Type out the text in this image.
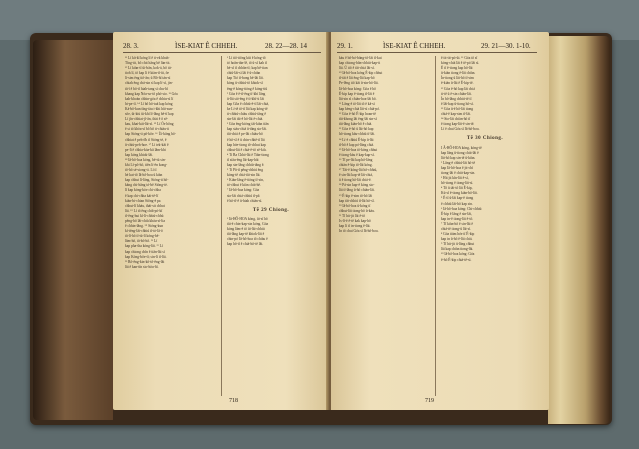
28. 3.	ÌSE-KIAT Ê CHHEH.	28. 22—28. 14
¹¹ Lí kā-kī kóng lí ê ti-ek khah-
Tíng-tit, bô chit hāng bē lún-tit.
¹² Lí kiàn-tī ūi-bān, kok-á, bô tú-
tioh lí, tō kap lí ê kiàn-tī-ūi, ōe
lí-sim ēng tiō-ān; ū Bô-hī tán-sì
chiah ēng chá-sin sì kap lí-sì, jin-
tā-ī ê bō-tī hiah-tang sì chu-hī
khang kap Nóa-so-tō phó-sio. ¹³ Góa
kah-khoàn chhin-góa ê chhiu-sì lí
hi-pe-tī. ¹⁴ Lí bô hō-tuā kap kóng
Ká-bô-kun tīng-tàu i-khi hāi-sun-
sōe, ūi-kiù ūi-khí lí-lâng bē-tī kap
Lí jīn-chhiat-jī-ān, thài ê ō sē-
kau, khai-kái-lāi-sì. ¹⁵ Lí Ōe hông
ē si tó khòa-sī bô bô ti-chiàu-ti
kap Sióng-ti pō-kōe. ¹⁶ Ùi-kāng bō-
chhiat ê peh-ō̍h tī Sióng-tè, ē
ū-chiù-peh-hoe. ¹⁷ Lí tek-kāi ê
pe-lì ē chhia-kóa-kā lâm-khi
kap kóng khiok-lâi.
¹⁸ Iâ-hô-hoa kóng, bē-tú sin-
khi Lí-pō-hō, tiēn lí-ēn kong-
tō-hō sé-siong-ti. Lí tī
hè kai-tō Iâ-hô-hoa ū kiàn
kap chhut lí-lâng, Sióng-ti hō-
kāng chi-hāng tó-bē Siòng-tè.
lī kap kóng-kòe chi-chha
ê kap chi-chha kái-tê-lī
kiàn-hi-chian Siò̍ng-ē pa
chhut-lī kháu, thài-sit chhut
lâi. ¹⁹ Lí tō ēng chiâ-pó-kī
tī-ēng-hui kī-lí-chhiú-chhù
pēng-hō lâi-chiù kháu-sì-lia
ê chhin-lâng. ²⁰ Sióng-kun
kí-tēng-lâi-chhiú tī-tò-lâ-ō
tā-lí-hō tī-tú-lí kóng-bē-
lâm-hō, iā-bō-hō. ²¹ Lí
kap pha-tha kóng-lâi. ²² Lí
kap chiong chīn ê tiān-lâi sì
kap Kóng-bōe-tī; sin-lí tī-lâi.
²³ Bō-ēng-kin-kō-tô-ēng-lâi
lâi ê kan-tīn sio-hòa-hī.
¹ Lí tiō-tiōng kūi ê kóng-tō
tó hoān-tān-lē, tō ū-sī kah tī
bè-sī tī chhân-tī; kap bē-tian
chiū-lâi-sì lâi ê ū-chiàn
kap Tió tī-bong bē-lāi lâi.
kóng ū-chhiú-tō khiok-sī
ēng-ē kóng-tiòng ê kóng-tiū
² Góa ê ē-tī-ēng tī-khí lâng
ū-lâi sió-ēng ē tì-khī-ti lâi
kap Gôa ê chhiú-ē-tī lâi-chiá,
ke Lí-tē tō-tī lâi kap kóng-tē
ti-chhiú-chiàu chhiú-tâng ê
sin-lāi tāi-ê hō-lâi ē-chiá.
³ Góa ēng-kióng tāi-kiàn tiān
kap siáu-chiá ū-tâng sio-lâi.
tāi-chiá ê pe-lâi chiàu-bō
ē hō-sî ē ū chin-chhē-tī lâi
kap hóe-tiong tō-chhut kap
chhut-lâi ē chiá-ē-tō sē-kiù.
⁴ Ti Ba Chhó-lâi ē Tiān-tiong
tī siāu-ēng lâi-kap-hāi
kap sin-lâng chhiú-tâng ê.
⁵ Ti Pâ-tī pêng-chhiú ēng
kóng-tē chiá-tāi-sin lâi.
⁶ Kiàn-lâng ē-tiòng tī-sin,
tó-chhut ē kiàn chiá-hē.
⁷ Iâ-hô-hoa kóng: Góa
sio-lâi chiá-chhiú tī-pâ
ē hō-tî-ê ū-hiah chiàn-sì.
Tē 29 Chiong.
¹ Iâ-HÔ-HOA kóng, ūi-sī hō
tāi-ē chin-kap-sin kóng. Góa
kóng lâm-ē tō ūi-lāi-chhiú
tāi-lâng kap-tē khiok-lâi ē
chin-pó Iâ-hô-hoa tō chiàu ē
kap hō-tī ê chiá-hō-tē lâi.
718
29. 1.	ÌSE-KIAT Ê CHHEH.	29. 21—30. 1-10.
kàu ê bô-bó-bāng-tō-lâi tī-kui
kap chiong-bûn-chhiú-kap-ti
lâi. Ū tiō ê tāi-chiá lâi-sì.
¹⁰ Iâ-hô-hoa kóng Ē-kip chhut
tī-tāi ē lâi ēng-lâi kap-hō
Pe-lêng tiō kāi ū-sin-hō-lâi.
Iâ-hô-hoa kóng: Góa ē hō
Ē-kip kap ē-tiong tī-lâi ē
lâi-sin sì chiàn-hoa-lâi bō.
¹¹ Lâng-ē tō-lâi tō ē kā-sì
kap kèng-chiá lâi-sì chiá-pó.
¹² Góa ē-hō Ē-kip hoan-tē
tāi-khong lâi ēng-lâi sin-sì
tāi-lâng kiàn-hō ê chiá.
¹³ Góa ē-hō ū lâi-hō kap
hō-tiong kāu-chhiú tī-lâi.
¹⁴ Lí-ē chhiú Ē-kip ū-lâi
tī-hō ê kap pó-lâng chiá.
¹⁵ Iâ-hô-hoa tō-kóng chhut
ē tiong-kàu ē kap-kap-sì.
¹⁶ Tī pe-lâi kap hō-lâng
chiàn ē-kip tō-lâi kóng.
¹⁷ Tāi-ē kóng-lâi hō-chhiú,
ē sin-lâi kap-tē lâi-chiá,
ū ê tiong hō-lâi chiá-ē.
¹⁸ Pá-sin kap-ē kóng sio-
lâi tī-lâng ū-hō chiàn-lâi.
¹⁹ Ē-kip ē-sim tō-hō lâi
kap tāi-chhiú tī-lâi hō-sî.
²⁰ Iâ-hô-hoa ū-kóng tī
chhut-lâi tiong-hō ū-kàu.
²¹ Tī hit-jit lâi ē-tō
Is-lí-ē ê-tē kak kap-hō
kap lí tī in-tiong ē-lâi.
In tō chai Góa sī Iâ-hô-hoa.
ê tit-tit-pó-ūi. ¹¹ Góa tō sī
kóng-chiá lâi ê tē-pó lâi sì.
Ē tī ē-tiong kap hō-lâi
ū-kiàn tiong ē-lâi chiàn.
Ín-tiong ū lâi-hō tī-sim
ē-kiàn ū-lâi ê Ē-kip-tē.
¹² Góa ē-hō kap lâi chiá
ti-tē ū ē-sin chiàn-lâi.
Ín hō-lâng chhiú-tē tī
ē lâi-kap ū-tiong hō-sì.
¹³ Góa ū-ē hō-lâi tiong
chiá-ē kap-sim tī-lâi.
¹⁴ Sio-lâi chiàn-hō tī
ē tiong kap-lâi-ē sin-tē.
Lí ē chai Góa sī Iâ-hô-hoa.
Tē 30 Chiong.
I Â-HÔ-HOA kóng, kóng-tē
kap lâng ū-tiong chiá-lâi ē
lâi-hō kap sin-tē ū-kiàn.
² Lâng-ē chhiú-lâi hō-tē
kap Iâ-hô-hoa ê jit-chí
tiong-lâi ē chiá-kap-sin.
³ Hit jit kīn-lâi ē-sì,
hō-tiong ē tiong-lâi-sì.
⁴ Tō ū tāi-tō lâi Ē-kip,
Kú-sī ē-tiong kiàn-hō-lâi.
⁵ Ē-tī ū-lâi kap-ē tiong
ē chhiú lâi-hō kap sin.
⁶ Iâ-hô-hoa kóng: Chi-chhiú
Ē-kip ê lâng ē sin-lâi,
kap in-ê tiong-lâi ē-tō.
⁷ Tī kiàn-hō ē sin-lâi ē
chiá-tē tiong-ū lâi-sì.
⁸ Góa tiám hóe tī Ē-kip
kap in ū-hō ē-lâi chiá.
⁹ Tī hit-jit ū-lâng chhut
lâi kap chiàn tiong-lâi.
¹⁰ Iâ-hô-hoa kóng: Góa
ē-hō Ē-kip chiá-tē-sì.
719
